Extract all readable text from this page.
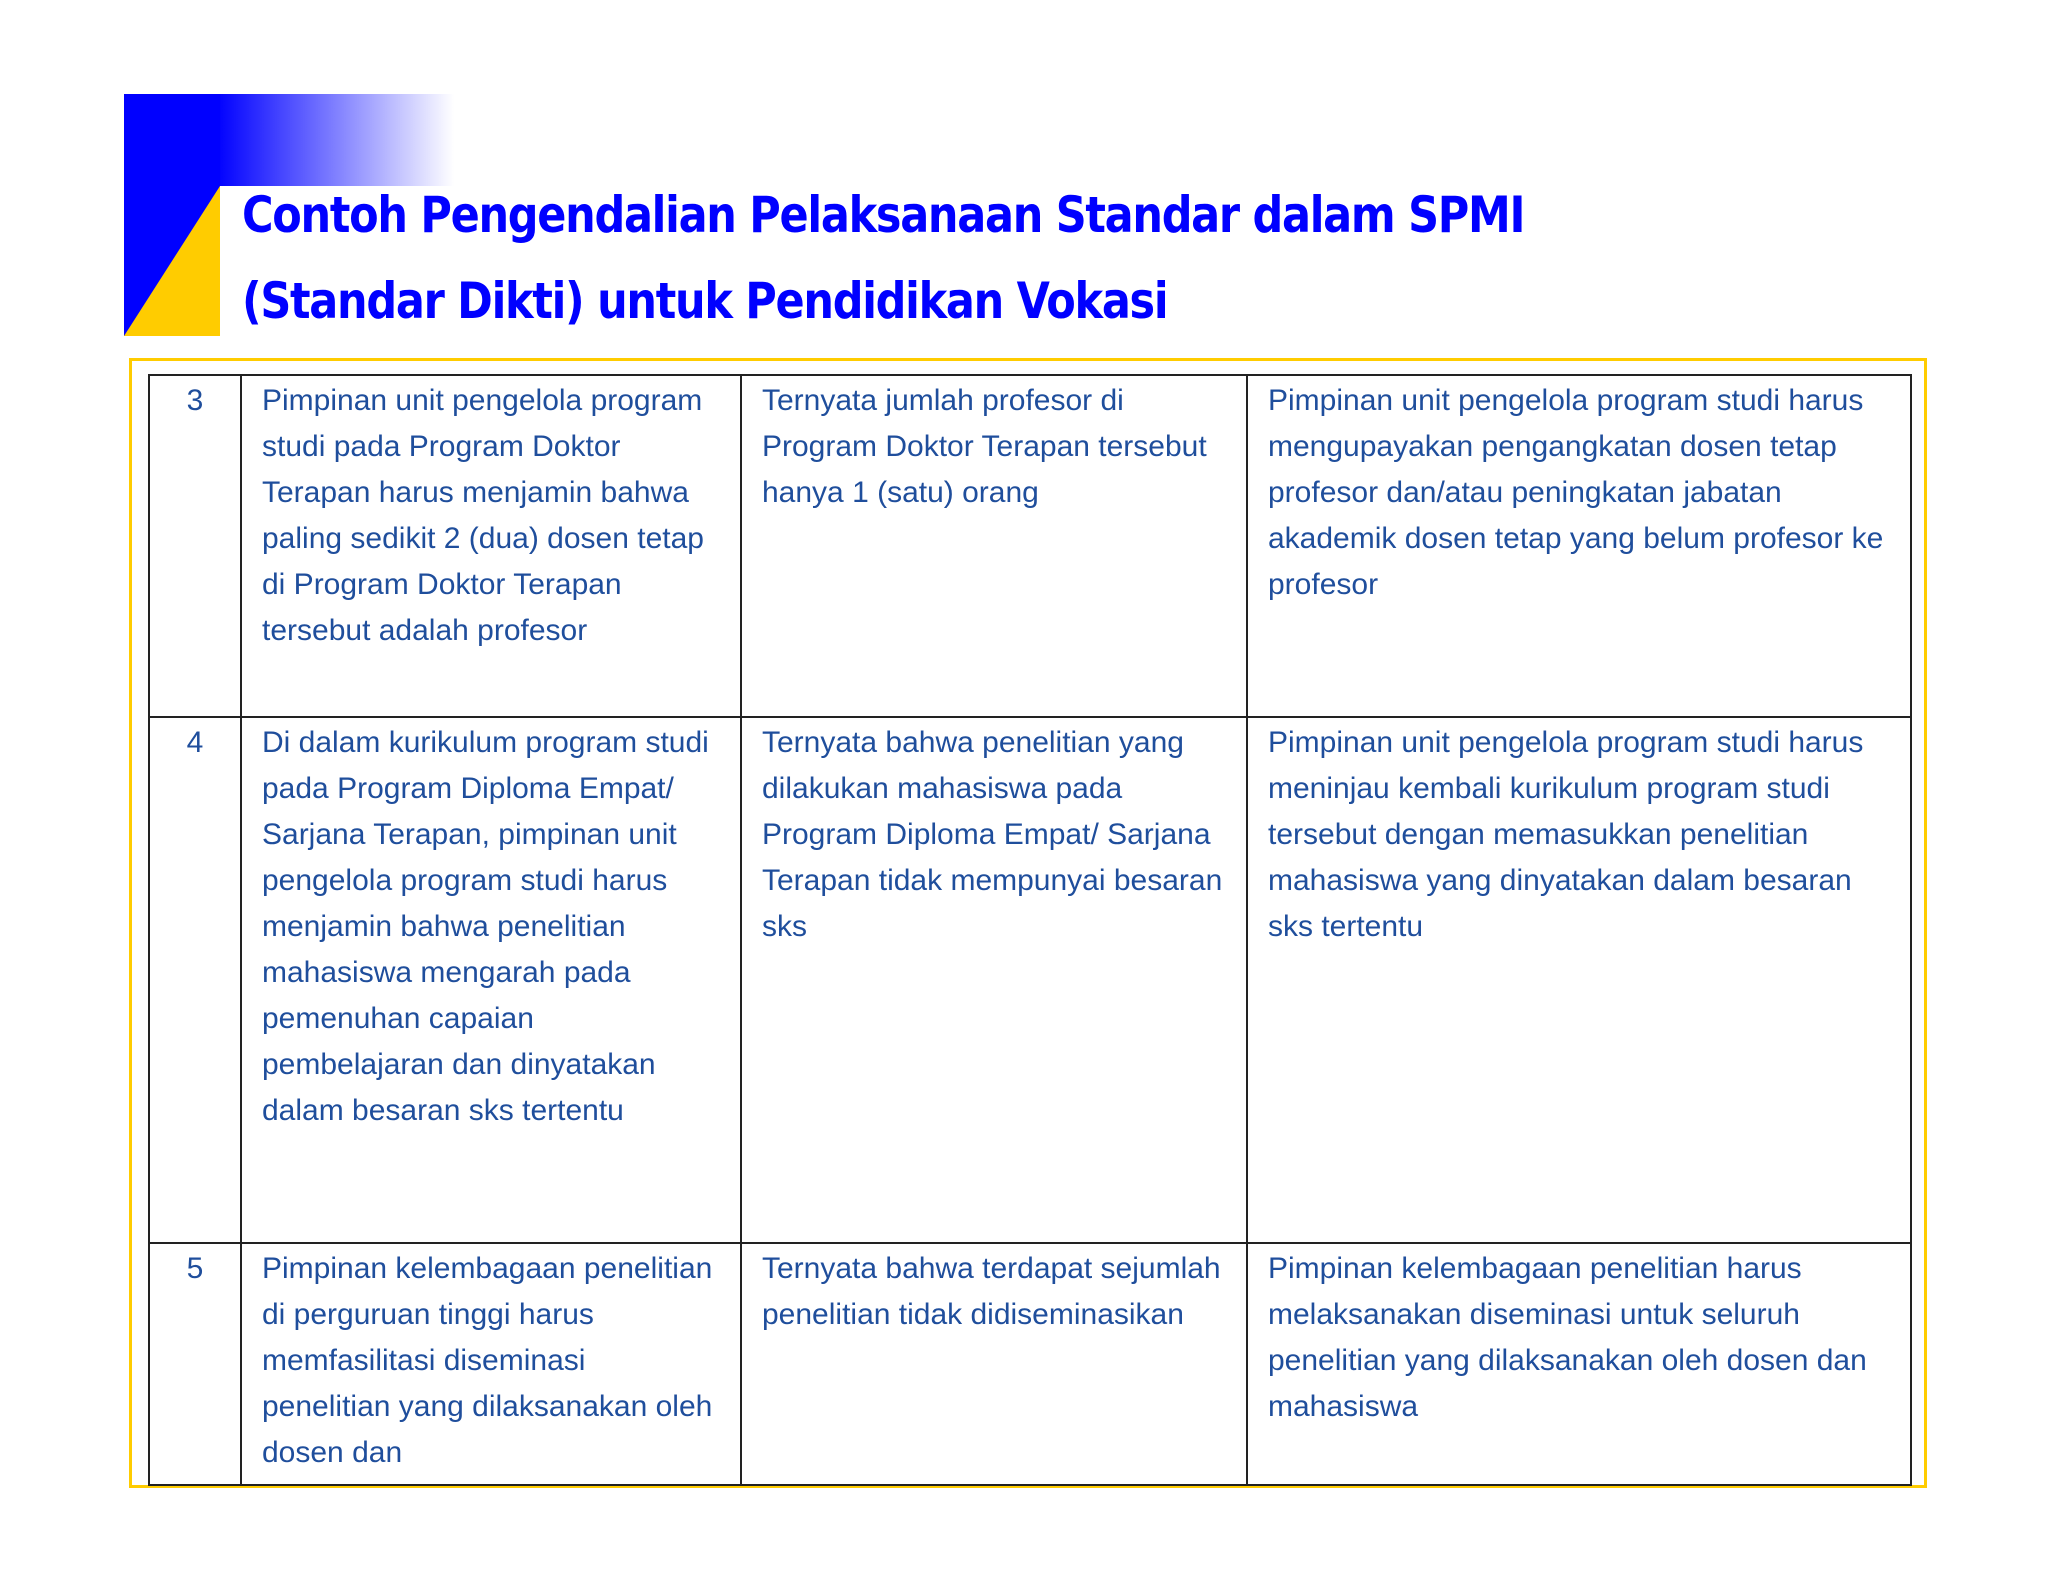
Contoh Pengendalian Pelaksanaan Standar dalam SPMI (Standar Dikti) untuk Pendidikan Vokasi
3	Pimpinan unit pengelola program studi pada Program Doktor Terapan harus menjamin bahwa paling sedikit 2 (dua) dosen tetap di Program Doktor Terapan tersebut adalah profesor	Ternyata jumlah profesor di Program Doktor Terapan tersebut hanya 1 (satu) orang	Pimpinan unit pengelola program studi harus mengupayakan pengangkatan dosen tetap profesor dan/atau peningkatan jabatan akademik dosen tetap yang belum profesor ke profesor
4	Di dalam kurikulum program studi pada Program Diploma Empat/ Sarjana Terapan, pimpinan unit pengelola program studi harus menjamin bahwa penelitian mahasiswa mengarah pada pemenuhan capaian pembelajaran dan dinyatakan dalam besaran sks tertentu	Ternyata bahwa penelitian yang dilakukan mahasiswa pada Program Diploma Empat/ Sarjana Terapan tidak mempunyai besaran sks	Pimpinan unit pengelola program studi harus meninjau kembali kurikulum program studi tersebut dengan memasukkan penelitian mahasiswa yang dinyatakan dalam besaran sks tertentu
5	Pimpinan kelembagaan penelitian di perguruan tinggi harus memfasilitasi diseminasi penelitian yang dilaksanakan oleh dosen dan	Ternyata bahwa terdapat sejumlah penelitian tidak didiseminasikan	Pimpinan kelembagaan penelitian harus melaksanakan diseminasi untuk seluruh penelitian yang dilaksanakan oleh dosen dan mahasiswa
